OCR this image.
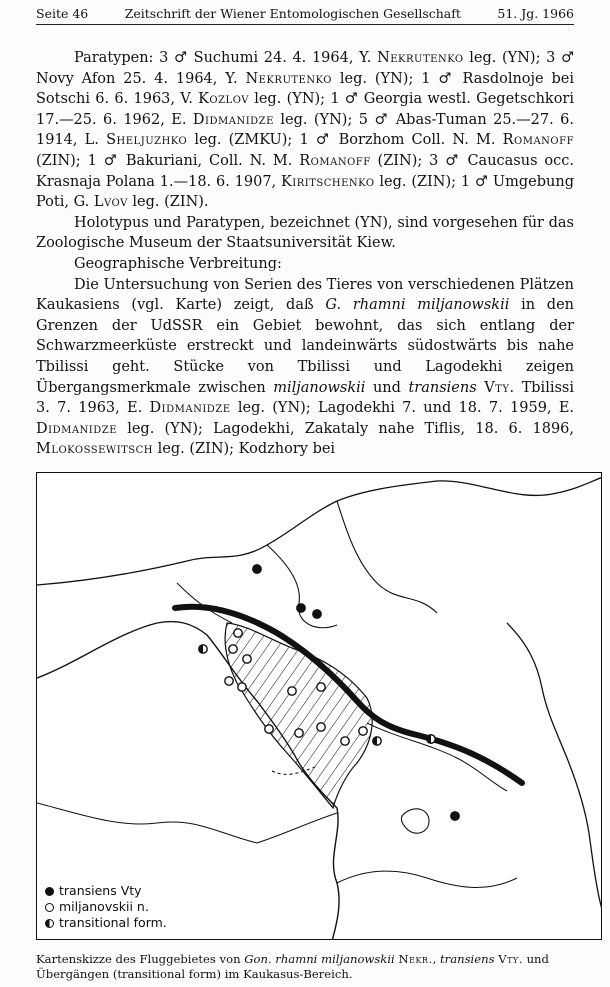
Seite 46	Zeitschrift der Wiener Entomologischen Gesellschaft	51. Jg. 1966

Paratypen: 3 ♂ Suchumi 24. 4. 1964, Y. Nekrutenko leg. (YN); 3 ♂ Novy Afon 25. 4. 1964, Y. Nekrutenko leg. (YN); 1 ♂ Rasdolnoje bei Sotschi 6. 6. 1963, V. Kozlov leg. (YN); 1 ♂ Georgia westl. Gegetschkori 17.—25. 6. 1962, E. Didmanidze leg. (YN); 5 ♂ Abas-Tuman 25.—27. 6. 1914, L. Sheljuzhko leg. (ZMKU); 1 ♂ Borzhom Coll. N. M. Romanoff (ZIN); 1 ♂ Bakuriani, Coll. N. M. Romanoff (ZIN); 3 ♂ Caucasus occ. Krasnaja Polana 1.—18. 6. 1907, Kiritschenko leg. (ZIN); 1 ♂ Umgebung Poti, G. Lvov leg. (ZIN).

Holotypus und Paratypen, bezeichnet (YN), sind vorgesehen für das Zoologische Museum der Staatsuniversität Kiew.

Geographische Verbreitung:

Die Untersuchung von Serien des Tieres von verschiedenen Plätzen Kaukasiens (vgl. Karte) zeigt, daß G. rhamni miljanowskii in den Grenzen der UdSSR ein Gebiet bewohnt, das sich entlang der Schwarzmeerküste erstreckt und landeinwärts südostwärts bis nahe Tbilissi geht. Stücke von Tbilissi und Lagodekhi zeigen Übergangsmerkmale zwischen miljanowskii und transiens Vty. Tbilissi 3. 7. 1963, E. Didmanidze leg. (YN); Lagodekhi 7. und 18. 7. 1959, E. Didmanidze leg. (YN); Lagodekhi, Zakataly nahe Tiflis, 18. 6. 1896, Mlokossewitsch leg. (ZIN); Kodzhory bei

transiens Vty
miljanovskii n.
transitional form.
Kartenskizze des Fluggebietes von Gon. rhamni miljanowskii Nekr., transiens Vty. und Übergängen (transitional form) im Kaukasus-Bereich.
